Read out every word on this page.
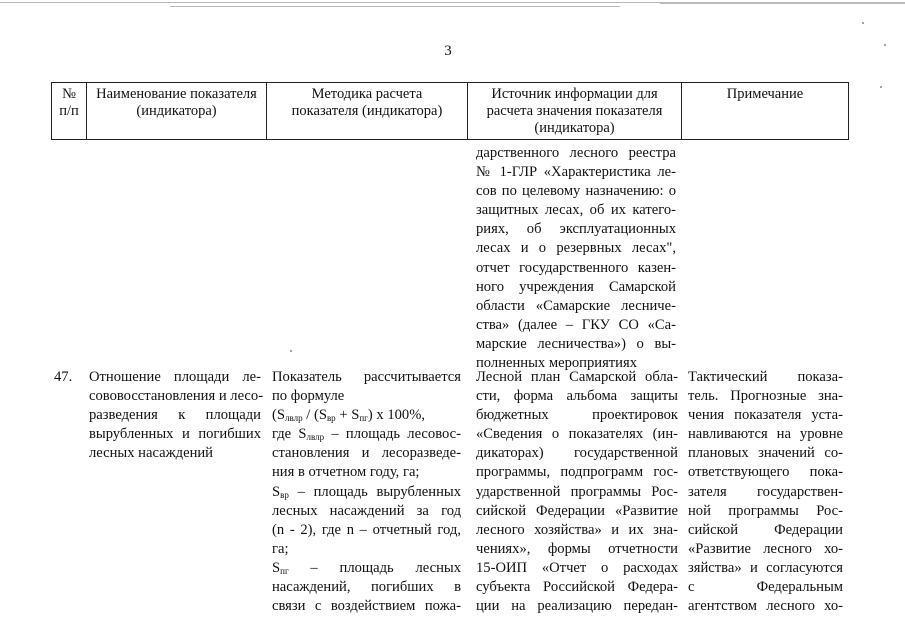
3
№
п/п
Наименование показателя
(индикатора)
Методика расчета
показателя (индикатора)
Источник информации для
расчета значения показателя
(индикатора)
Примечание
дарственного лесного реестра
№ 1-ГЛР «Характеристика ле-
сов по целевому назначению: о
защитных лесах, об их катего-
риях, об эксплуатационных
лесах и о резервных лесах",
отчет государственного казен-
ного учреждения Самарской
области «Самарские лесниче-
ства» (далее – ГКУ СО «Са-
марские лесничества») о вы-
полненных мероприятиях
47.	Отношение площади ле-
сововосстановления и лесо-
разведения к площади
вырубленных и погибших
лесных насаждений
Показатель рассчитывается
по формуле
($S_{лвлр} / (S_{вр} + S_{пг})$ x 100%,
где $S_{лвлр}$ – площадь лесовос-
становления и лесоразведе-
ния в отчетном году, га;
$S_{вр}$ – площадь вырубленных
лесных насаждений за год
(n - 2), где n – отчетный год,
га;
$S_{пг}$ – площадь лесных
насаждений, погибших в
связи с воздействием пожа-
Лесной план Самарской обла-
сти, форма альбома защиты
бюджетных проектировок
«Сведения о показателях (ин-
дикаторах) государственной
программы, подпрограмм гос-
ударственной программы Рос-
сийской Федерации «Развитие
лесного хозяйства» и их зна-
чениях», формы отчетности
15-ОИП «Отчет о расходах
субъекта Российской Федера-
ции на реализацию передан-
Тактический показа-
тель. Прогнозные зна-
чения показателя уста-
навливаются на уровне
плановых значений со-
ответствующего пока-
зателя государствен-
ной программы Рос-
сийской Федерации
«Развитие лесного хо-
зяйства» и согласуются
с Федеральным
агентством лесного хо-
